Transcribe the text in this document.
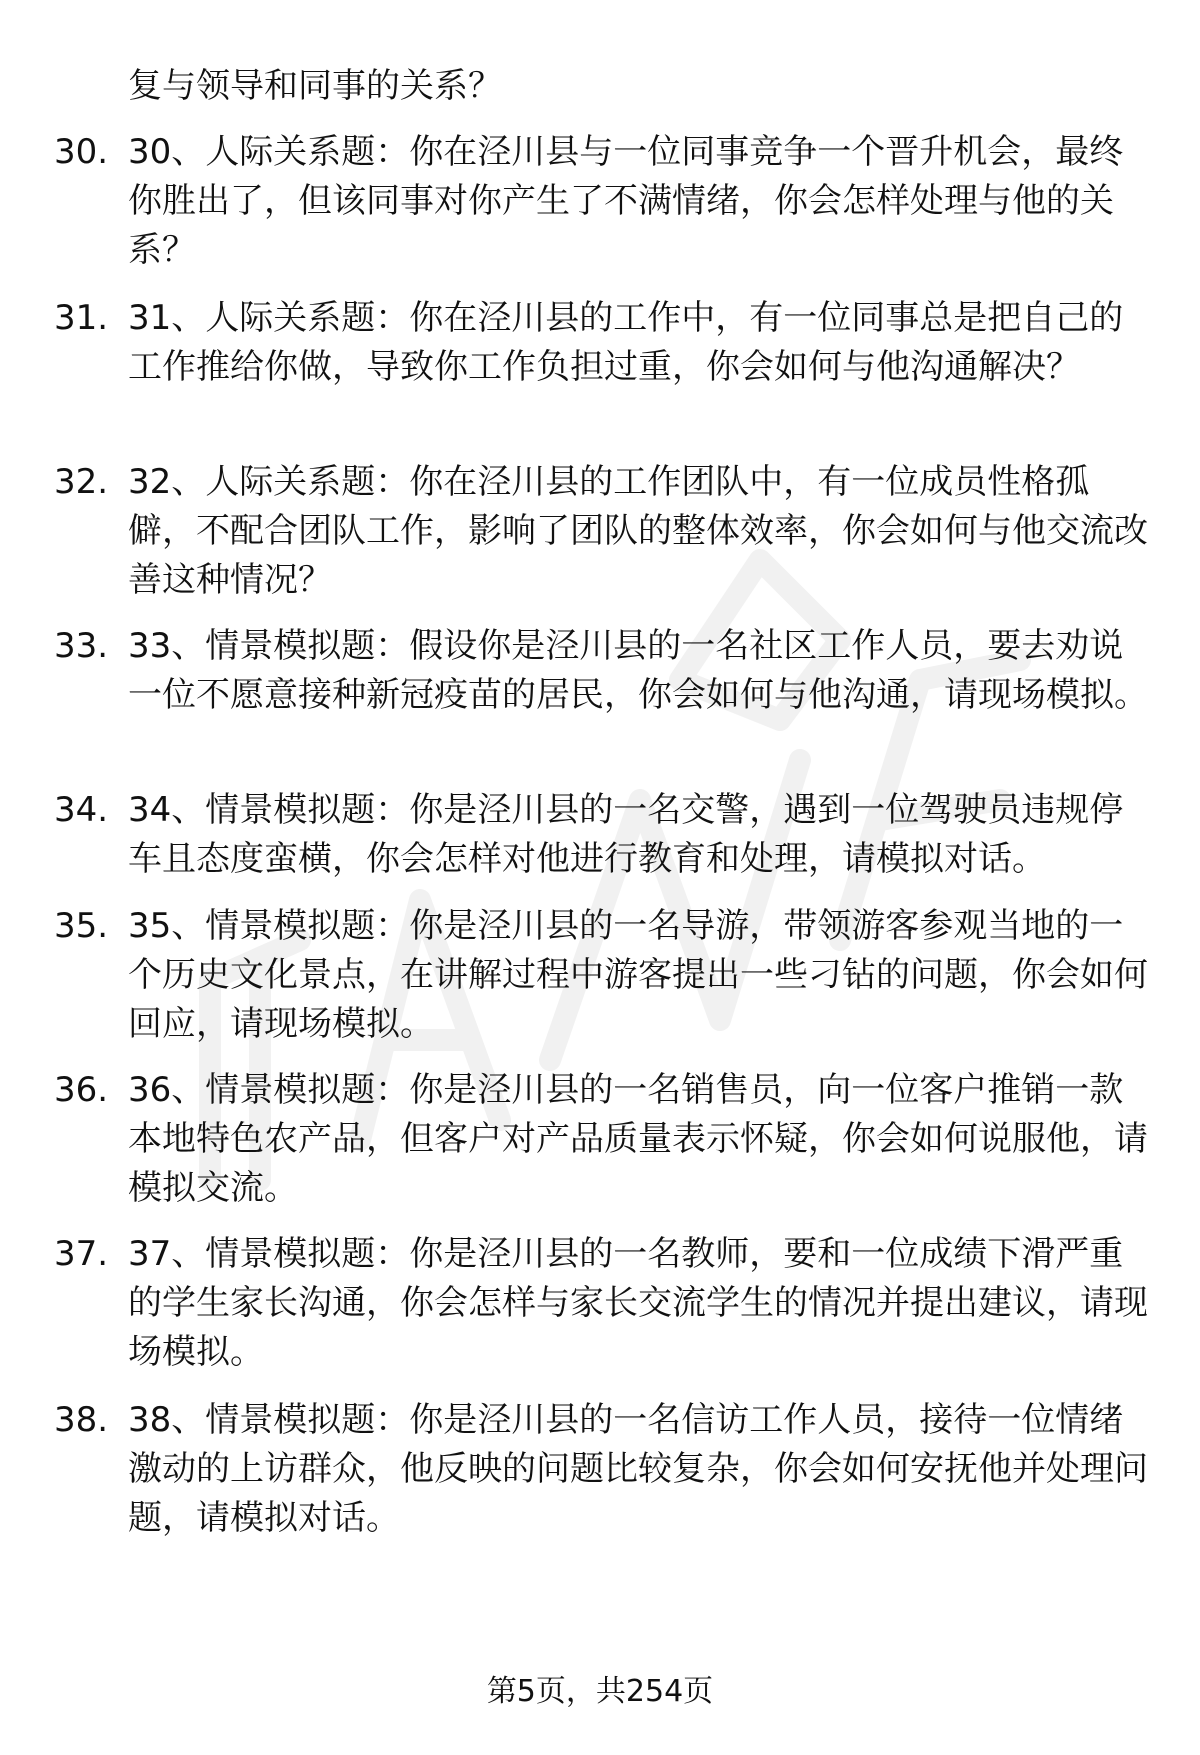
复与领导和同事的关系？

30. 30、人际关系题：你在泾川县与一位同事竞争一个晋升机会，最终你胜出了，但该同事对你产生了不满情绪，你会怎样处理与他的关系？

31. 31、人际关系题：你在泾川县的工作中，有一位同事总是把自己的工作推给你做，导致你工作负担过重，你会如何与他沟通解决？

32. 32、人际关系题：你在泾川县的工作团队中，有一位成员性格孤僻，不配合团队工作，影响了团队的整体效率，你会如何与他交流改善这种情况？

33. 33、情景模拟题：假设你是泾川县的一名社区工作人员，要去劝说一位不愿意接种新冠疫苗的居民，你会如何与他沟通，请现场模拟。

34. 34、情景模拟题：你是泾川县的一名交警，遇到一位驾驶员违规停车且态度蛮横，你会怎样对他进行教育和处理，请模拟对话。

35. 35、情景模拟题：你是泾川县的一名导游，带领游客参观当地的一个历史文化景点，在讲解过程中游客提出一些刁钻的问题，你会如何回应，请现场模拟。

36. 36、情景模拟题：你是泾川县的一名销售员，向一位客户推销一款本地特色农产品，但客户对产品质量表示怀疑，你会如何说服他，请模拟交流。

37. 37、情景模拟题：你是泾川县的一名教师，要和一位成绩下滑严重的学生家长沟通，你会怎样与家长交流学生的情况并提出建议，请现场模拟。

38. 38、情景模拟题：你是泾川县的一名信访工作人员，接待一位情绪激动的上访群众，他反映的问题比较复杂，你会如何安抚他并处理问题，请模拟对话。

第5页，共254页
